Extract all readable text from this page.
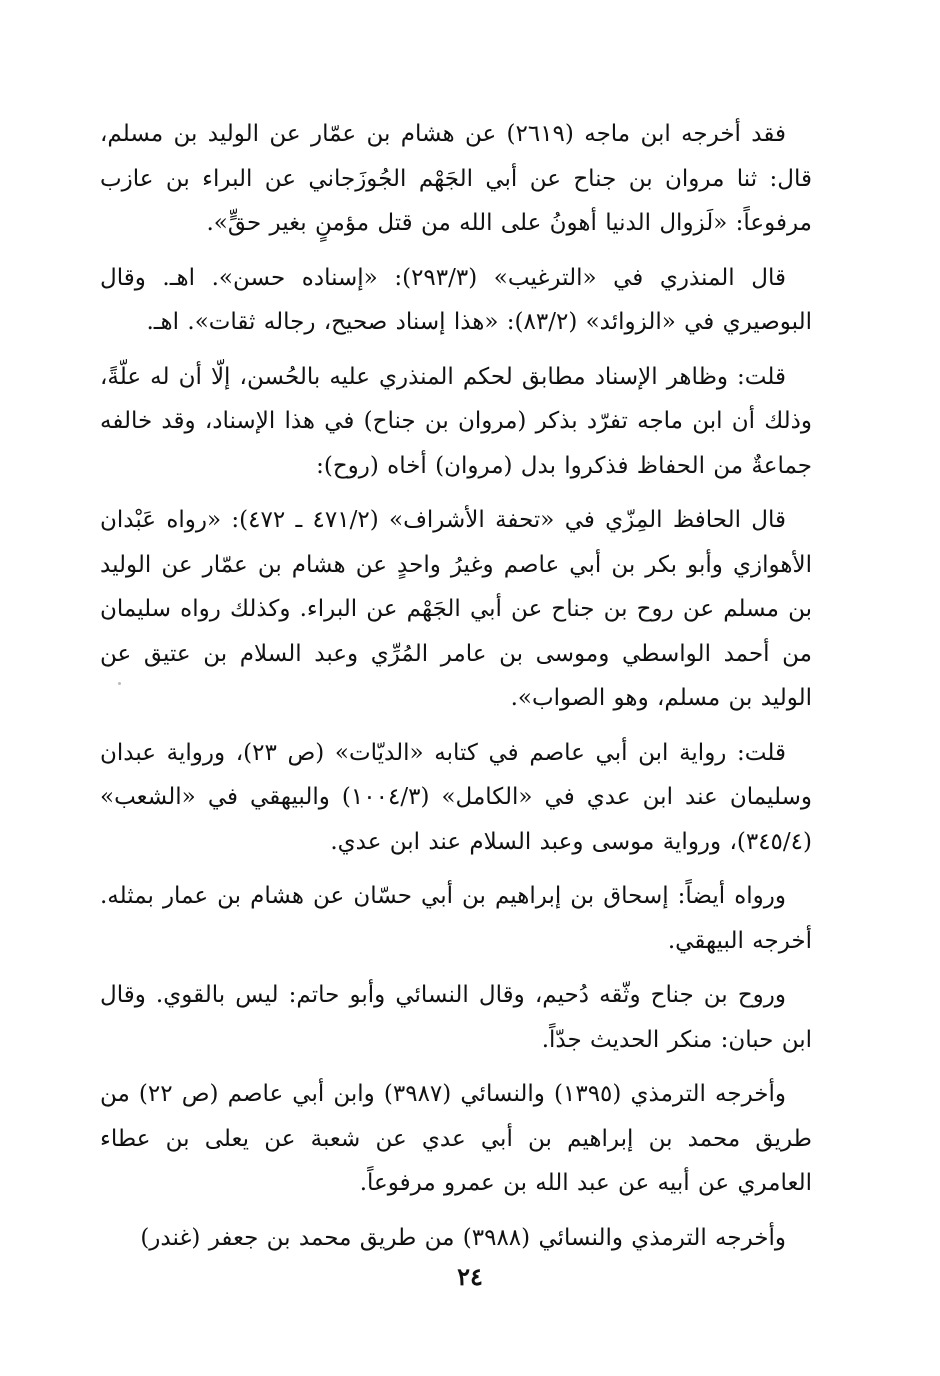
فقد أخرجه ابن ماجه (٢٦١٩) عن هشام بن عمّار عن الوليد بن مسلم، قال: ثنا مروان بن جناح عن أبي الجَهْم الجُوزَجاني عن البراء بن عازب مرفوعاً: «لَزوال الدنيا أهونُ على الله من قتل مؤمنٍ بغير حقٍّ».

قال المنذري في «الترغيب» (٢٩٣/٣): «إسناده حسن». اهـ. وقال البوصيري في «الزوائد» (٨٣/٢): «هذا إسناد صحيح، رجاله ثقات». اهـ.

قلت: وظاهر الإسناد مطابق لحكم المنذري عليه بالحُسن، إلّا أن له علّةً، وذلك أن ابن ماجه تفرّد بذكر (مروان بن جناح) في هذا الإسناد، وقد خالفه جماعةٌ من الحفاظ فذكروا بدل (مروان) أخاه (روح):

قال الحافظ المِزّي في «تحفة الأشراف» (٤٧١/٢ ـ ٤٧٢): «رواه عَبْدان الأهوازي وأبو بكر بن أبي عاصم وغيرُ واحدٍ عن هشام بن عمّار عن الوليد بن مسلم عن روح بن جناح عن أبي الجَهْم عن البراء. وكذلك رواه سليمان من أحمد الواسطي وموسى بن عامر المُرِّي وعبد السلام بن عتيق عن الوليد بن مسلم، وهو الصواب».

قلت: رواية ابن أبي عاصم في كتابه «الديّات» (ص ٢٣)، ورواية عبدان وسليمان عند ابن عدي في «الكامل» (١٠٠٤/٣) والبيهقي في «الشعب» (٣٤٥/٤)، ورواية موسى وعبد السلام عند ابن عدي.

ورواه أيضاً: إسحاق بن إبراهيم بن أبي حسّان عن هشام بن عمار بمثله. أخرجه البيهقي.

وروح بن جناح وثّقه دُحيم، وقال النسائي وأبو حاتم: ليس بالقوي. وقال ابن حبان: منكر الحديث جدّاً.

وأخرجه الترمذي (١٣٩٥) والنسائي (٣٩٨٧) وابن أبي عاصم (ص ٢٢) من طريق محمد بن إبراهيم بن أبي عدي عن شعبة عن يعلى بن عطاء العامري عن أبيه عن عبد الله بن عمرو مرفوعاً.

وأخرجه الترمذي والنسائي (٣٩٨٨) من طريق محمد بن جعفر (غندر)

٢٤
